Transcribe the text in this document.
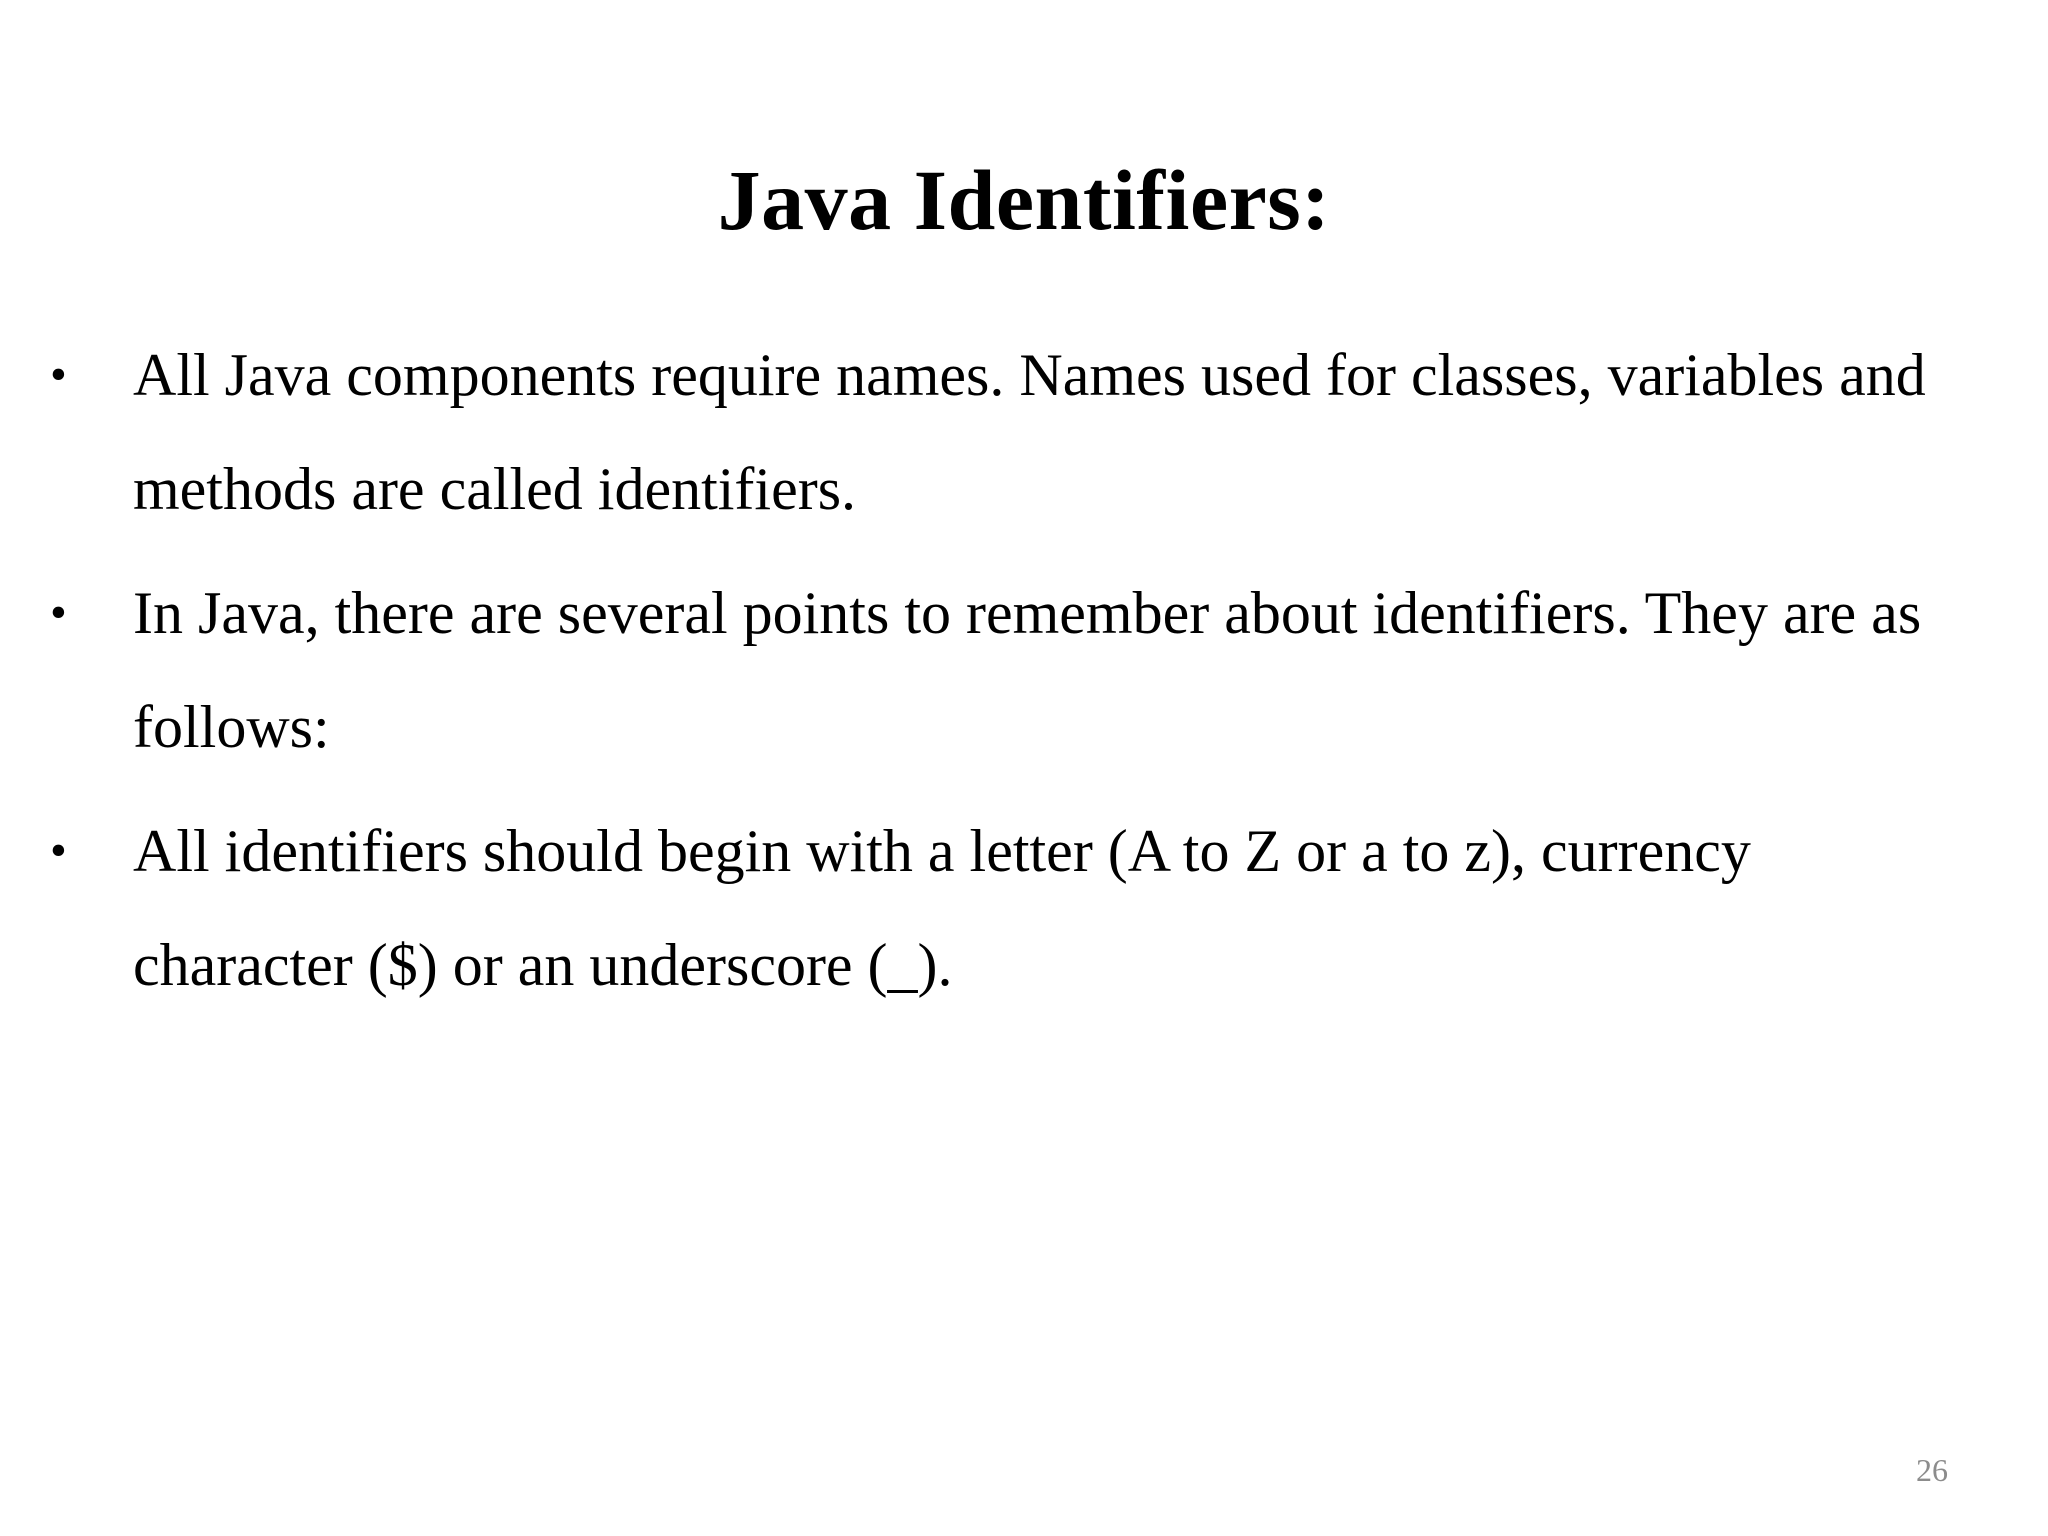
Java Identifiers:
• All Java components require names. Names used for classes, variables and methods are called identifiers.
• In Java, there are several points to remember about identifiers. They are as follows:
• All identifiers should begin with a letter (A to Z or a to z), currency character ($) or an underscore (_).
26
